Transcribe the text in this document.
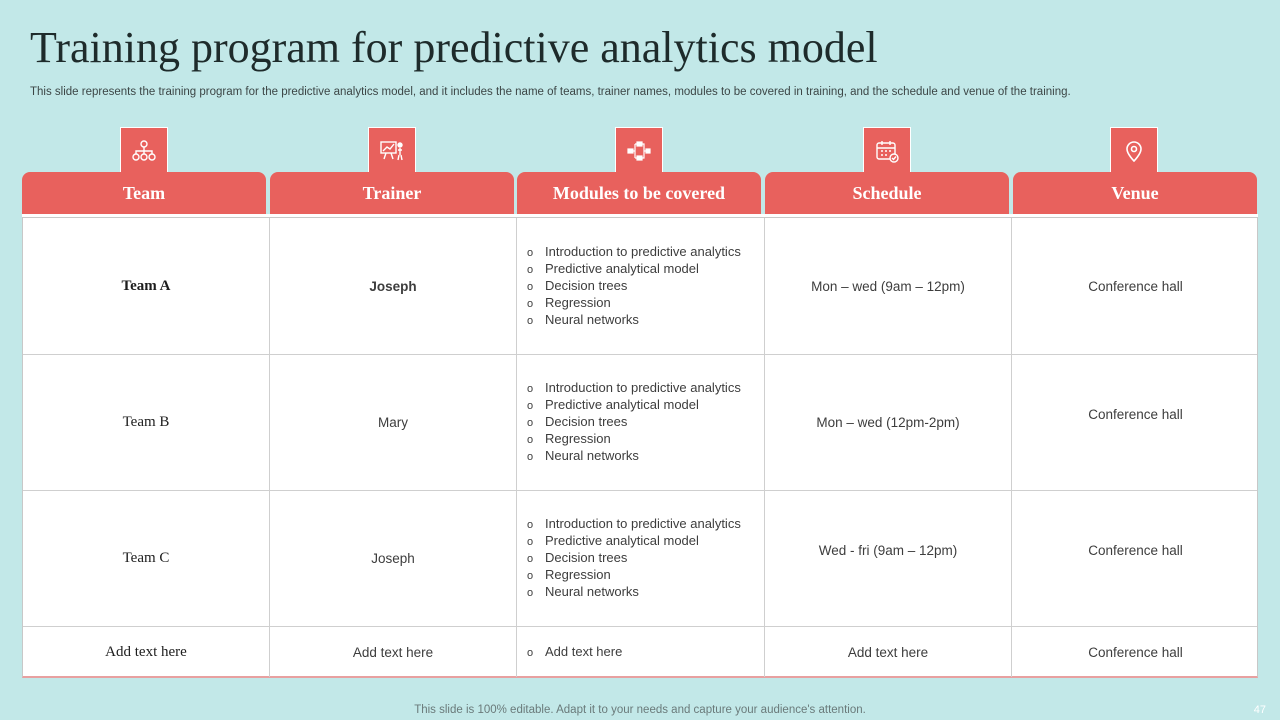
Training program for predictive analytics model
This slide represents the training program for the predictive analytics model, and it includes the name of teams, trainer names, modules to be covered in training, and the schedule and venue of the training.
Team	Trainer	Modules to be covered	Schedule	Venue
Team A	Joseph
o Introduction to predictive analytics
o Predictive analytical model
o Decision trees
o Regression
o Neural networks
Mon – wed (9am – 12pm)	Conference hall
Team B	Mary
o Introduction to predictive analytics
o Predictive analytical model
o Decision trees
o Regression
o Neural networks
Mon – wed (12pm-2pm)
Conference hall
Team C	Joseph
o Introduction to predictive analytics
o Predictive analytical model
o Decision trees
o Regression
o Neural networks
Wed - fri (9am – 12pm)	Conference hall
Add text here	Add text here
o	Add text here	Add text here	Conference hall
This slide is 100% editable. Adapt it to your needs and capture your audience's attention.	47
